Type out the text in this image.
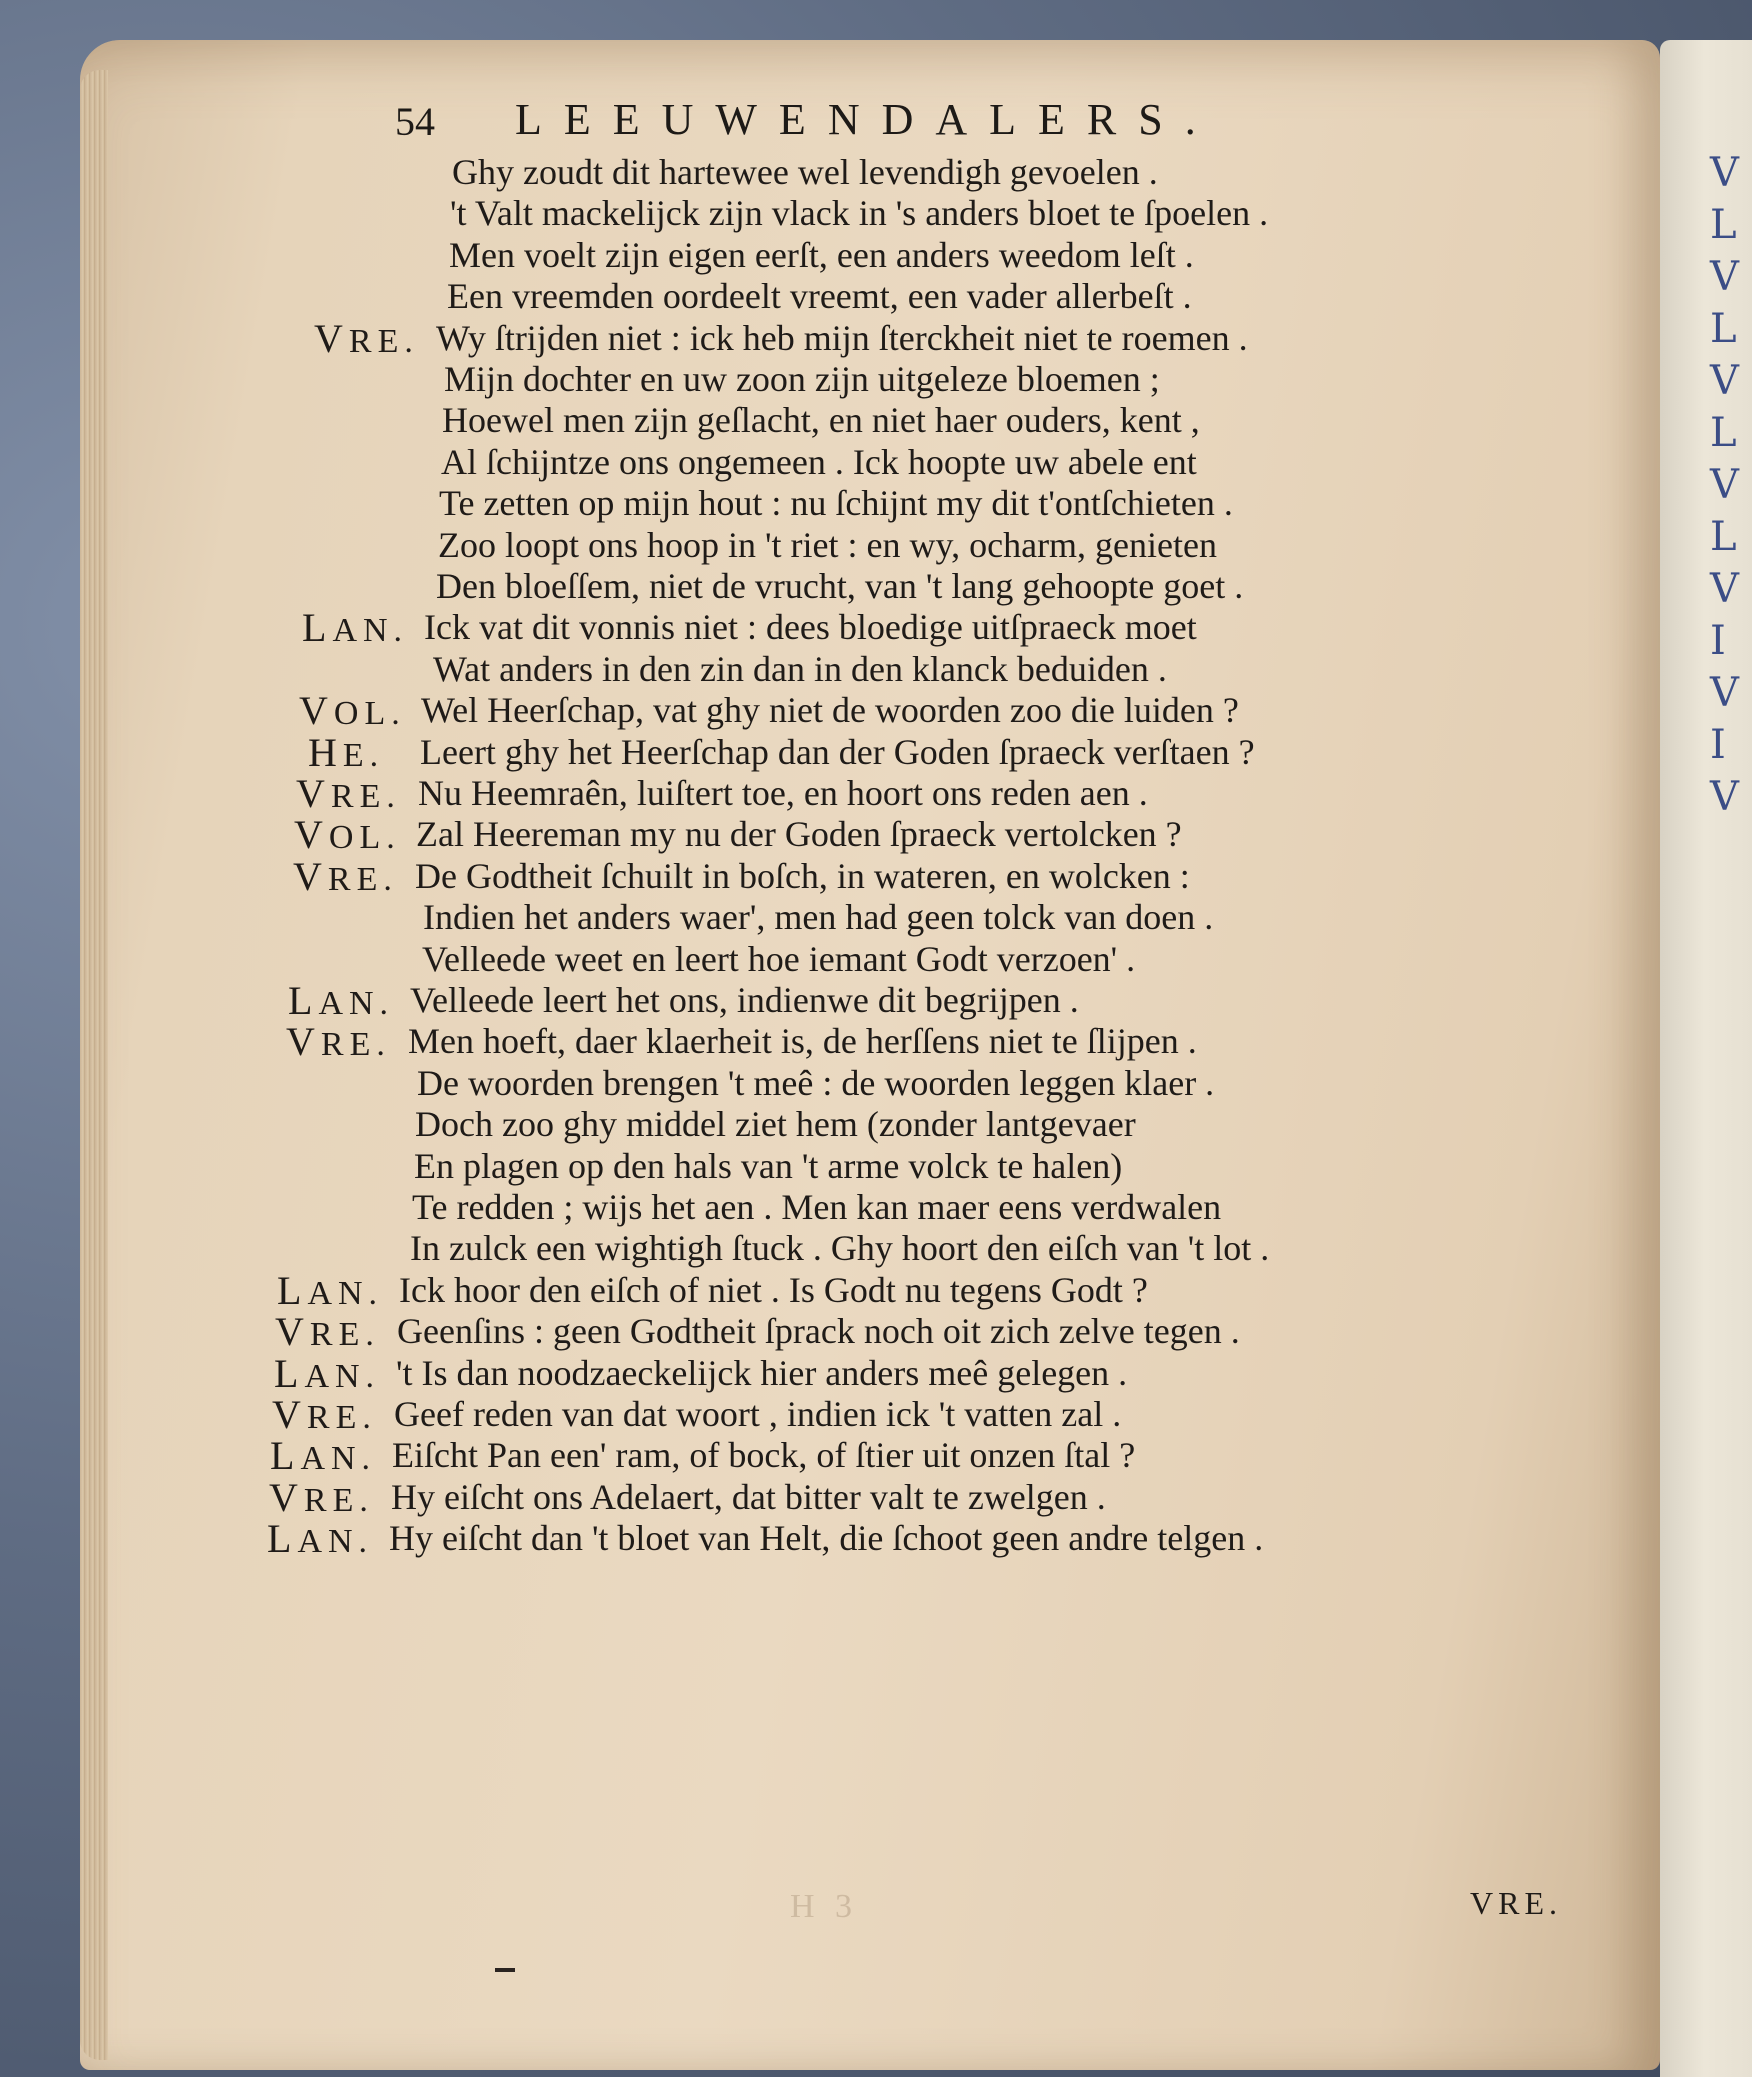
V
L
V
L
V
L
V
L
V
I
V
I
V
54 LEEUWENDALERS.
Ghy zoudt dit hartewee wel levendigh gevoelen .
't Valt mackelijck zijn vlack in 's anders bloet te ſpoelen .
Men voelt zijn eigen eerſt, een anders weedom leſt .
Een vreemden oordeelt vreemt, een vader allerbeſt .
VRE. Wy ſtrijden niet : ick heb mijn ſterckheit niet te roemen .
Mijn dochter en uw zoon zijn uitgeleze bloemen ;
Hoewel men zijn geſlacht, en niet haer ouders, kent ,
Al ſchijntze ons ongemeen . Ick hoopte uw abele ent
Te zetten op mijn hout : nu ſchijnt my dit t'ontſchieten .
Zoo loopt ons hoop in 't riet : en wy, ocharm, genieten
Den bloeſſem, niet de vrucht, van 't lang gehoopte goet .
LAN. Ick vat dit vonnis niet : dees bloedige uitſpraeck moet
Wat anders in den zin dan in den klanck beduiden .
VOL. Wel Heerſchap, vat ghy niet de woorden zoo die luiden ?
HE. Leert ghy het Heerſchap dan der Goden ſpraeck verſtaen ?
VRE. Nu Heemraên, luiſtert toe, en hoort ons reden aen .
VOL. Zal Heereman my nu der Goden ſpraeck vertolcken ?
VRE. De Godtheit ſchuilt in boſch, in wateren, en wolcken :
Indien het anders waer', men had geen tolck van doen .
Velleede weet en leert hoe iemant Godt verzoen' .
LAN. Velleede leert het ons, indienwe dit begrijpen .
VRE. Men hoeft, daer klaerheit is, de herſſens niet te ſlijpen .
De woorden brengen 't meê : de woorden leggen klaer .
Doch zoo ghy middel ziet hem (zonder lantgevaer
En plagen op den hals van 't arme volck te halen)
Te redden ; wijs het aen . Men kan maer eens verdwalen
In zulck een wightigh ſtuck . Ghy hoort den eiſch van 't lot .
LAN. Ick hoor den eiſch of niet . Is Godt nu tegens Godt ?
VRE. Geenſins : geen Godtheit ſprack noch oit zich zelve tegen .
LAN. 't Is dan noodzaeckelijck hier anders meê gelegen .
VRE. Geef reden van dat woort , indien ick 't vatten zal .
LAN. Eiſcht Pan een' ram, of bock, of ſtier uit onzen ſtal ?
VRE. Hy eiſcht ons Adelaert, dat bitter valt te zwelgen .
LAN. Hy eiſcht dan 't bloet van Helt, die ſchoot geen andre telgen .
H 3	VRE.
